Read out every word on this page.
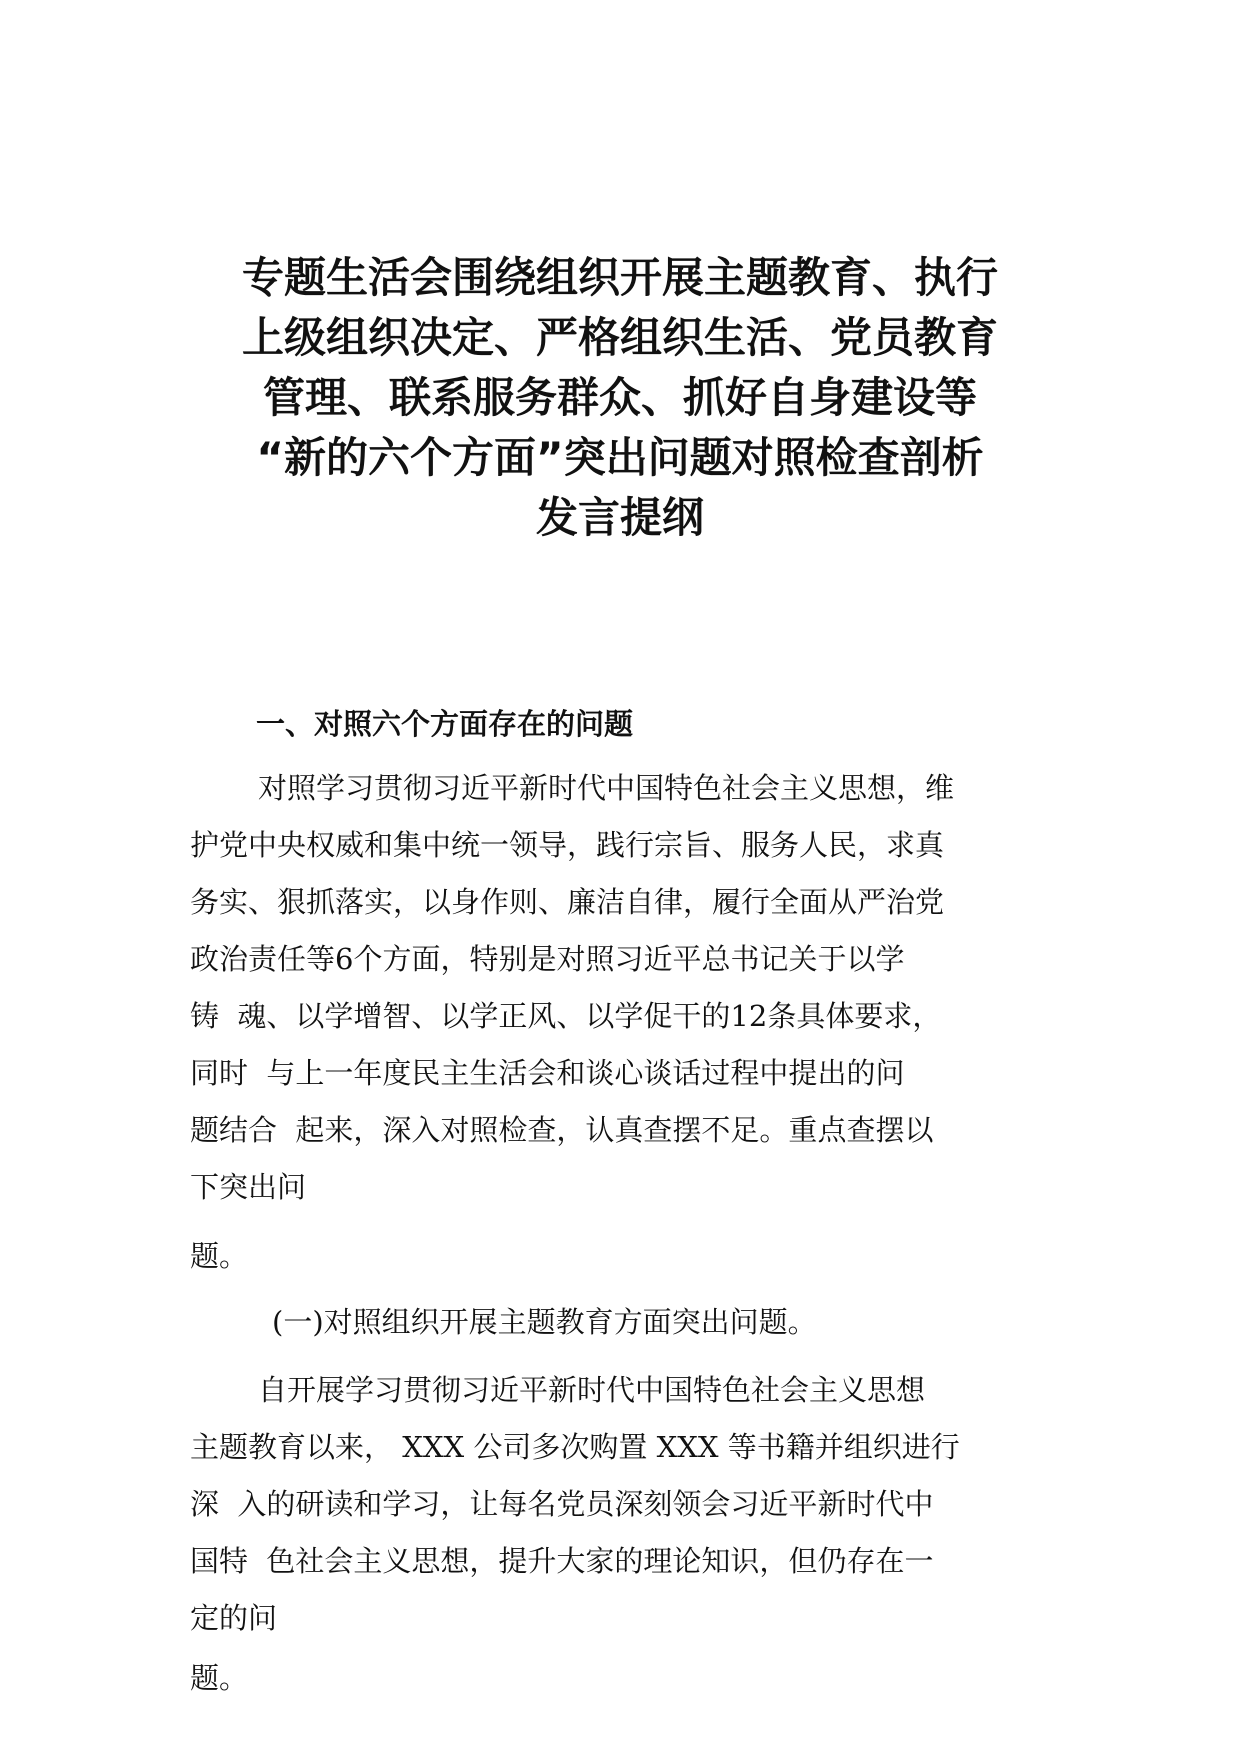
专题生活会围绕组织开展主题教育、执行
上级组织决定、严格组织生活、党员教育
管理、联系服务群众、抓好自身建设等
“新的六个方面”突出问题对照检查剖析
发言提纲
一、对照六个方面存在的问题
对照学习贯彻习近平新时代中国特色社会主义思想，维
护党中央权威和集中统一领导，践行宗旨、服务人民，求真
务实、狠抓落实，以身作则、廉洁自律，履行全面从严治党
政治责任等6个方面，特别是对照习近平总书记关于以学
铸  魂、以学增智、以学正风、以学促干的12条具体要求，
同时  与上一年度民主生活会和谈心谈话过程中提出的问
题结合  起来，深入对照检查，认真查摆不足。重点查摆以
下突出问
题。
(一)对照组织开展主题教育方面突出问题。
自开展学习贯彻习近平新时代中国特色社会主义思想
主题教育以来， XXX 公司多次购置 XXX 等书籍并组织进行
深  入的研读和学习，让每名党员深刻领会习近平新时代中
国特  色社会主义思想，提升大家的理论知识，但仍存在一
定的问
题。
